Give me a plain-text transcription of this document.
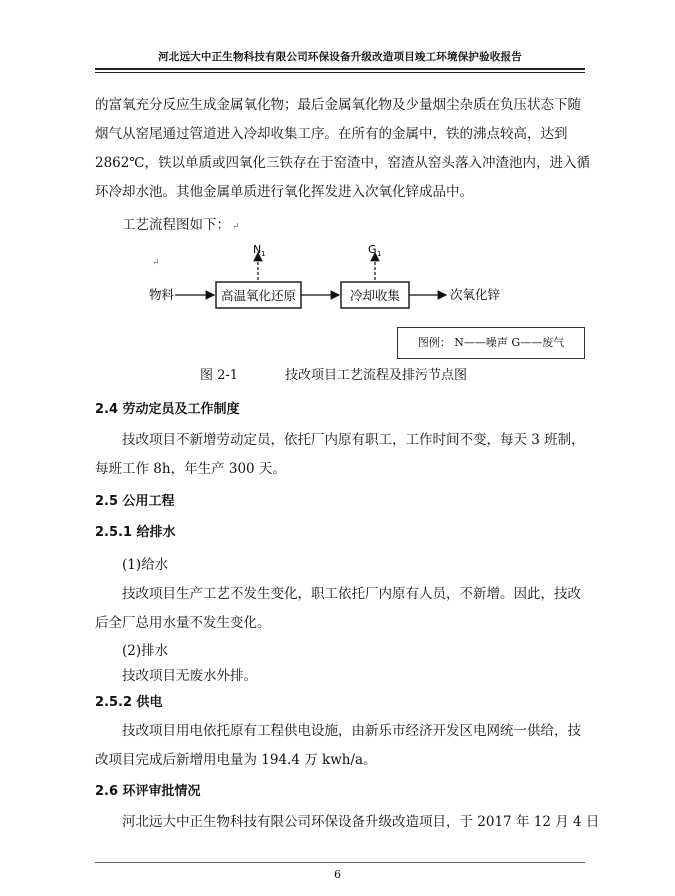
河北远大中正生物科技有限公司环保设备升级改造项目竣工环境保护验收报告
的富氧充分反应生成金属氧化物；最后金属氧化物及少量烟尘杂质在负压状态下随
烟气从窑尾通过管道进入冷却收集工序。在所有的金属中，铁的沸点较高，达到
2862℃，铁以单质或四氧化三铁存在于窑渣中，窑渣从窑头落入冲渣池内，进入循
环冷却水池。其他金属单质进行氧化挥发进入次氧化锌成品中。
工艺流程图如下： ↵
↵
物料	高温氧化还原
N 1
冷却收集
G 1
次氧化锌
图例： N——噪声 G——废气
图 2-1	技改项目工艺流程及排污节点图
2.4 劳动定员及工作制度
技改项目不新增劳动定员，依托厂内原有职工，工作时间不变，每天 3 班制，
每班工作 8h，年生产 300 天。
2.5 公用工程
2.5.1 给排水
(1)给水
技改项目生产工艺不发生变化，职工依托厂内原有人员，不新增。因此，技改
后全厂总用水量不发生变化。
(2)排水
技改项目无废水外排。
2.5.2 供电
技改项目用电依托原有工程供电设施，由新乐市经济开发区电网统一供给，技
改项目完成后新增用电量为 194.4 万 kwh/a。
2.6 环评审批情况
河北远大中正生物科技有限公司环保设备升级改造项目，于 2017 年 12 月 4 日
6
